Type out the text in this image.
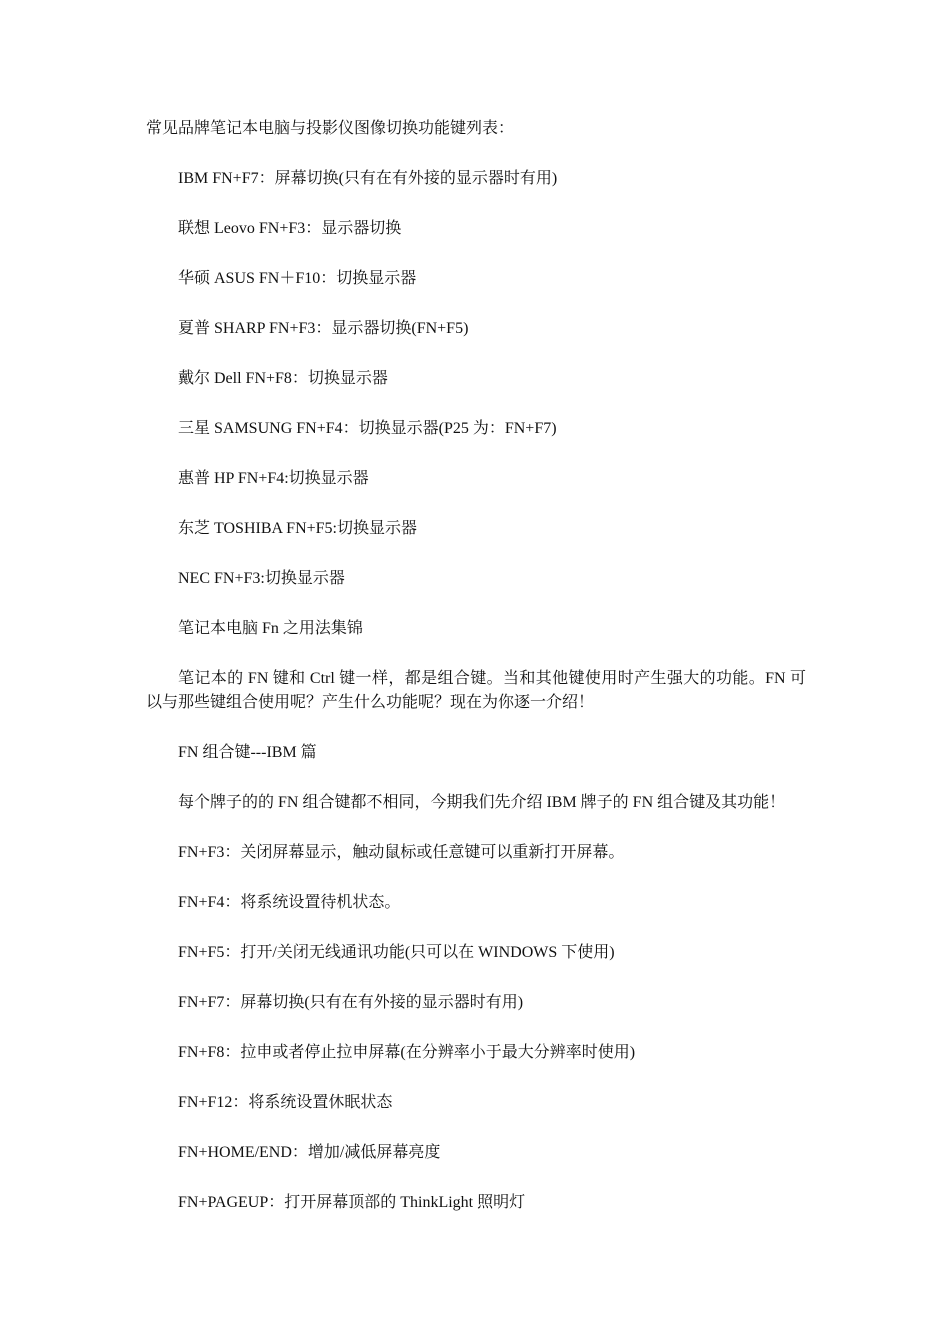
常见品牌笔记本电脑与投影仪图像切换功能键列表：
IBM FN+F7：屏幕切换(只有在有外接的显示器时有用)
联想 Leovo FN+F3：显示器切换
华硕 ASUS FN＋F10：切换显示器
夏普 SHARP FN+F3：显示器切换(FN+F5)
戴尔 Dell FN+F8：切换显示器
三星 SAMSUNG FN+F4：切换显示器(P25 为：FN+F7)
惠普 HP FN+F4:切换显示器
东芝 TOSHIBA FN+F5:切换显示器
NEC FN+F3:切换显示器
笔记本电脑 Fn 之用法集锦
笔记本的 FN 键和 Ctrl 键一样，都是组合键。当和其他键使用时产生强大的功能。FN 可以与那些键组合使用呢？产生什么功能呢？现在为你逐一介绍！
FN 组合键---IBM 篇
每个牌子的的 FN 组合键都不相同，今期我们先介绍 IBM 牌子的 FN 组合键及其功能！
FN+F3：关闭屏幕显示，触动鼠标或任意键可以重新打开屏幕。
FN+F4：将系统设置待机状态。
FN+F5：打开/关闭无线通讯功能(只可以在 WINDOWS 下使用)
FN+F7：屏幕切换(只有在有外接的显示器时有用)
FN+F8：拉申或者停止拉申屏幕(在分辨率小于最大分辨率时使用)
FN+F12：将系统设置休眠状态
FN+HOME/END：增加/减低屏幕亮度
FN+PAGEUP：打开屏幕顶部的 ThinkLight 照明灯
